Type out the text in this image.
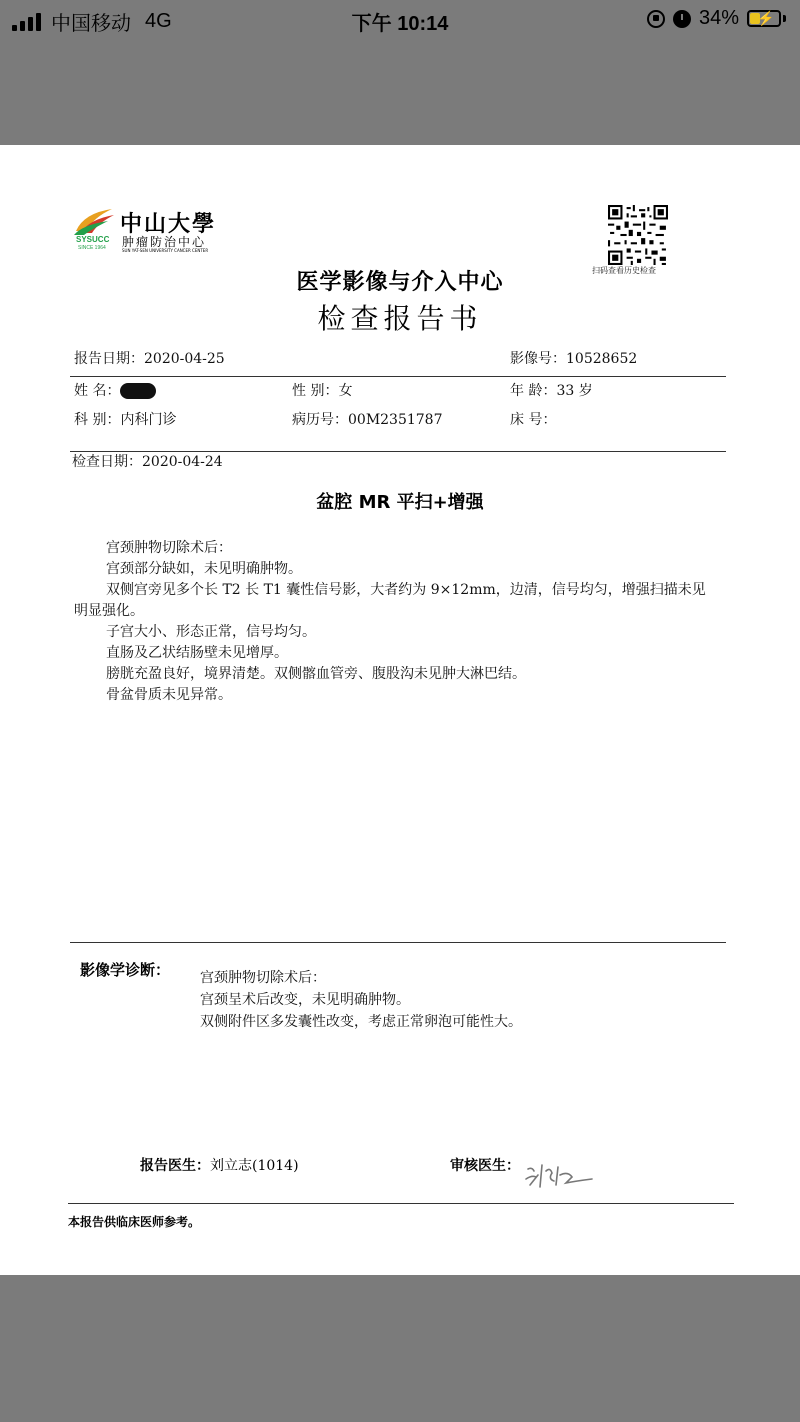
中国移动 4G	下午 10:14	34% ⚡
SYSUCC
SINCE 1964
中山大學
肿瘤防治中心
SUN YAT-SEN UNIVERSITY CANCER CENTER
扫码查看历史检查
医学影像与介入中心
检查报告书
报告日期：2020-04-25	影像号：10528652
姓 名：	性 别：女	年 龄：33 岁
科 别：内科门诊	病历号：00M2351787	床 号：
检查日期：2020-04-24
盆腔 MR 平扫+增强

宫颈肿物切除术后：

宫颈部分缺如，未见明确肿物。

双侧宫旁见多个长 T2 长 T1 囊性信号影，大者约为 9×12mm，边清，信号均匀，增强扫描未见明显强化。

子宫大小、形态正常，信号均匀。

直肠及乙状结肠壁未见增厚。

膀胱充盈良好，境界清楚。双侧髂血管旁、腹股沟未见肿大淋巴结。

骨盆骨质未见异常。

影像学诊断： 宫颈肿物切除术后：

宫颈呈术后改变，未见明确肿物。

双侧附件区多发囊性改变，考虑正常卵泡可能性大。

报告医生：刘立志(1014)	审核医生：
本报告供临床医师参考。
